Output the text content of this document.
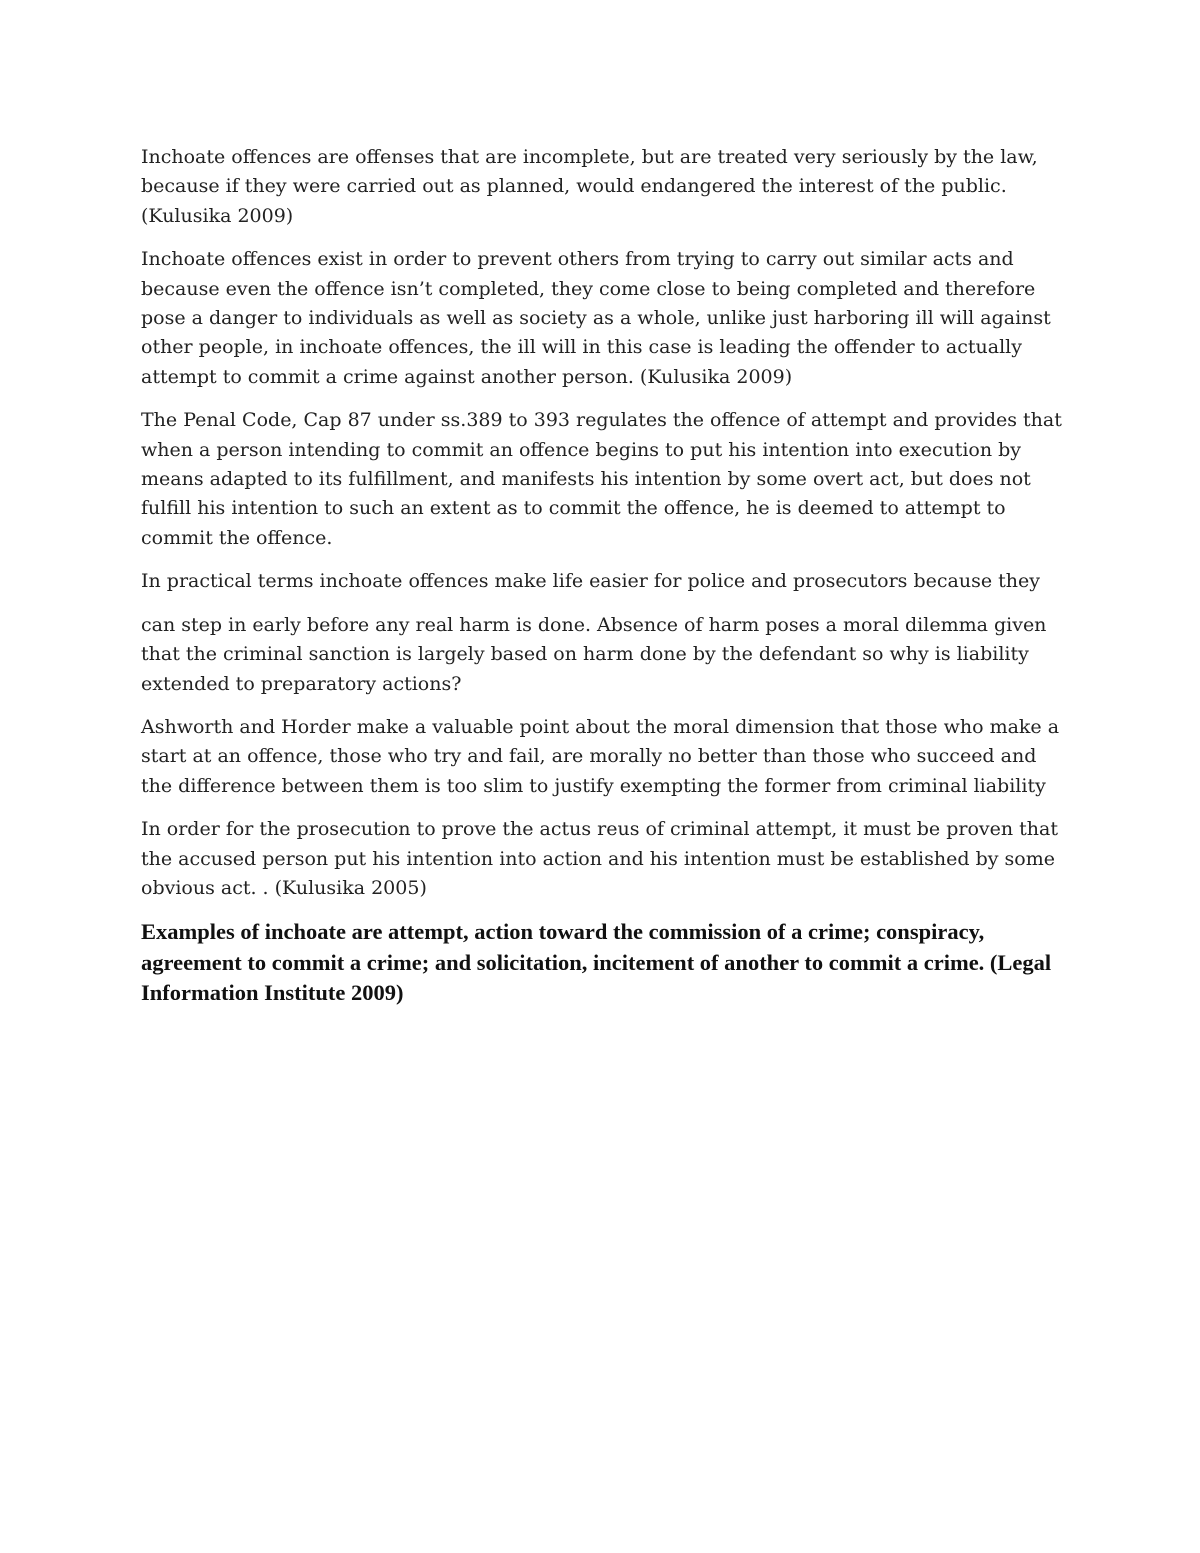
Inchoate offences are offenses that are incomplete, but are treated very seriously by the law, because if they were carried out as planned, would endangered the interest of the public. (Kulusika 2009)

Inchoate offences exist in order to prevent others from trying to carry out similar acts and because even the offence isn’t completed, they come close to being completed and therefore pose a danger to individuals as well as society as a whole, unlike just harboring ill will against other people, in inchoate offences, the ill will in this case is leading the offender to actually attempt to commit a crime against another person. (Kulusika 2009)

The Penal Code, Cap 87 under ss.389 to 393 regulates the offence of attempt and provides that when a person intending to commit an offence begins to put his intention into execution by means adapted to its fulfillment, and manifests his intention by some overt act, but does not fulfill his intention to such an extent as to commit the offence, he is deemed to attempt to commit the offence.

In practical terms inchoate offences make life easier for police and prosecutors because they

can step in early before any real harm is done. Absence of harm poses a moral dilemma given that the criminal sanction is largely based on harm done by the defendant so why is liability extended to preparatory actions?

Ashworth and Horder make a valuable point about the moral dimension that those who make a start at an offence, those who try and fail, are morally no better than those who succeed and the difference between them is too slim to justify exempting the former from criminal liability

In order for the prosecution to prove the actus reus of criminal attempt, it must be proven that the accused person put his intention into action and his intention must be established by some obvious act. . (Kulusika 2005)

Examples of inchoate are attempt, action toward the commission of a crime; conspiracy, agreement to commit a crime; and solicitation, incitement of another to commit a crime. (Legal Information Institute 2009)
